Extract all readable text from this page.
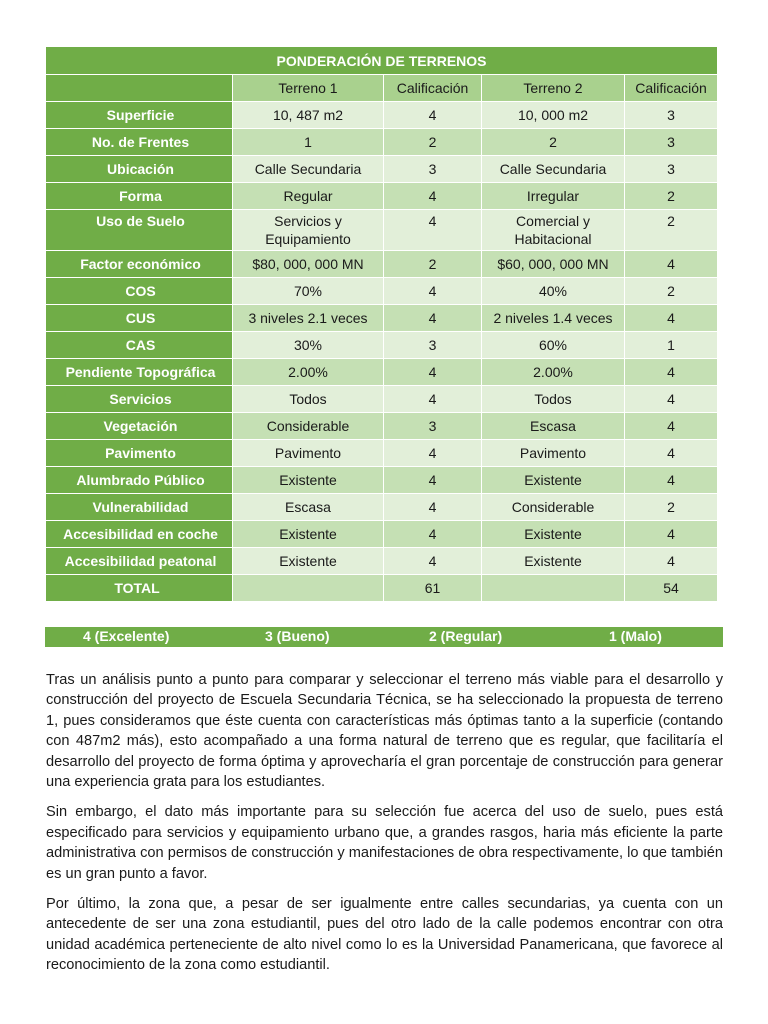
PONDERACIÓN DE TERRENOS				
	Terreno 1	Calificación	Terreno 2	Calificación
Superficie	10, 487 m2	4	10, 000 m2	3
No. de Frentes	1	2	2	3
Ubicación	Calle Secundaria	3	Calle Secundaria	3
Forma	Regular	4	Irregular	2
Uso de Suelo	Servicios y Equipamiento	4	Comercial y Habitacional	2
Factor económico	$80, 000, 000 MN	2	$60, 000, 000 MN	4
COS	70%	4	40%	2
CUS	3 niveles 2.1 veces	4	2 niveles 1.4 veces	4
CAS	30%	3	60%	1
Pendiente Topográfica	2.00%	4	2.00%	4
Servicios	Todos	4	Todos	4
Vegetación	Considerable	3	Escasa	4
Pavimento	Pavimento	4	Pavimento	4
Alumbrado Público	Existente	4	Existente	4
Vulnerabilidad	Escasa	4	Considerable	2
Accesibilidad en coche	Existente	4	Existente	4
Accesibilidad peatonal	Existente	4	Existente	4
TOTAL		61		54
4 (Excelente)	3 (Bueno)	2 (Regular)	1 (Malo)

Tras un análisis punto a punto para comparar y seleccionar el terreno más viable para el desarrollo y construcción del proyecto de Escuela Secundaria Técnica, se ha seleccionado la propuesta de terreno 1, pues consideramos que éste cuenta con características más óptimas tanto a la superficie (contando con 487m2 más), esto acompañado a una forma natural de terreno que es regular, que facilitaría el desarrollo del proyecto de forma óptima y aprovecharía el gran porcentaje de construcción para generar una experiencia grata para los estudiantes.

Sin embargo, el dato más importante para su selección fue acerca del uso de suelo, pues está especificado para servicios y equipamiento urbano que, a grandes rasgos, haria más eficiente la parte administrativa con permisos de construcción y manifestaciones de obra respectivamente, lo que también es un gran punto a favor.

Por último, la zona que, a pesar de ser igualmente entre calles secundarias, ya cuenta con un antecedente de ser una zona estudiantil, pues del otro lado de la calle podemos encontrar con otra unidad académica perteneciente de alto nivel como lo es la Universidad Panamericana, que favorece al reconocimiento de la zona como estudiantil.
